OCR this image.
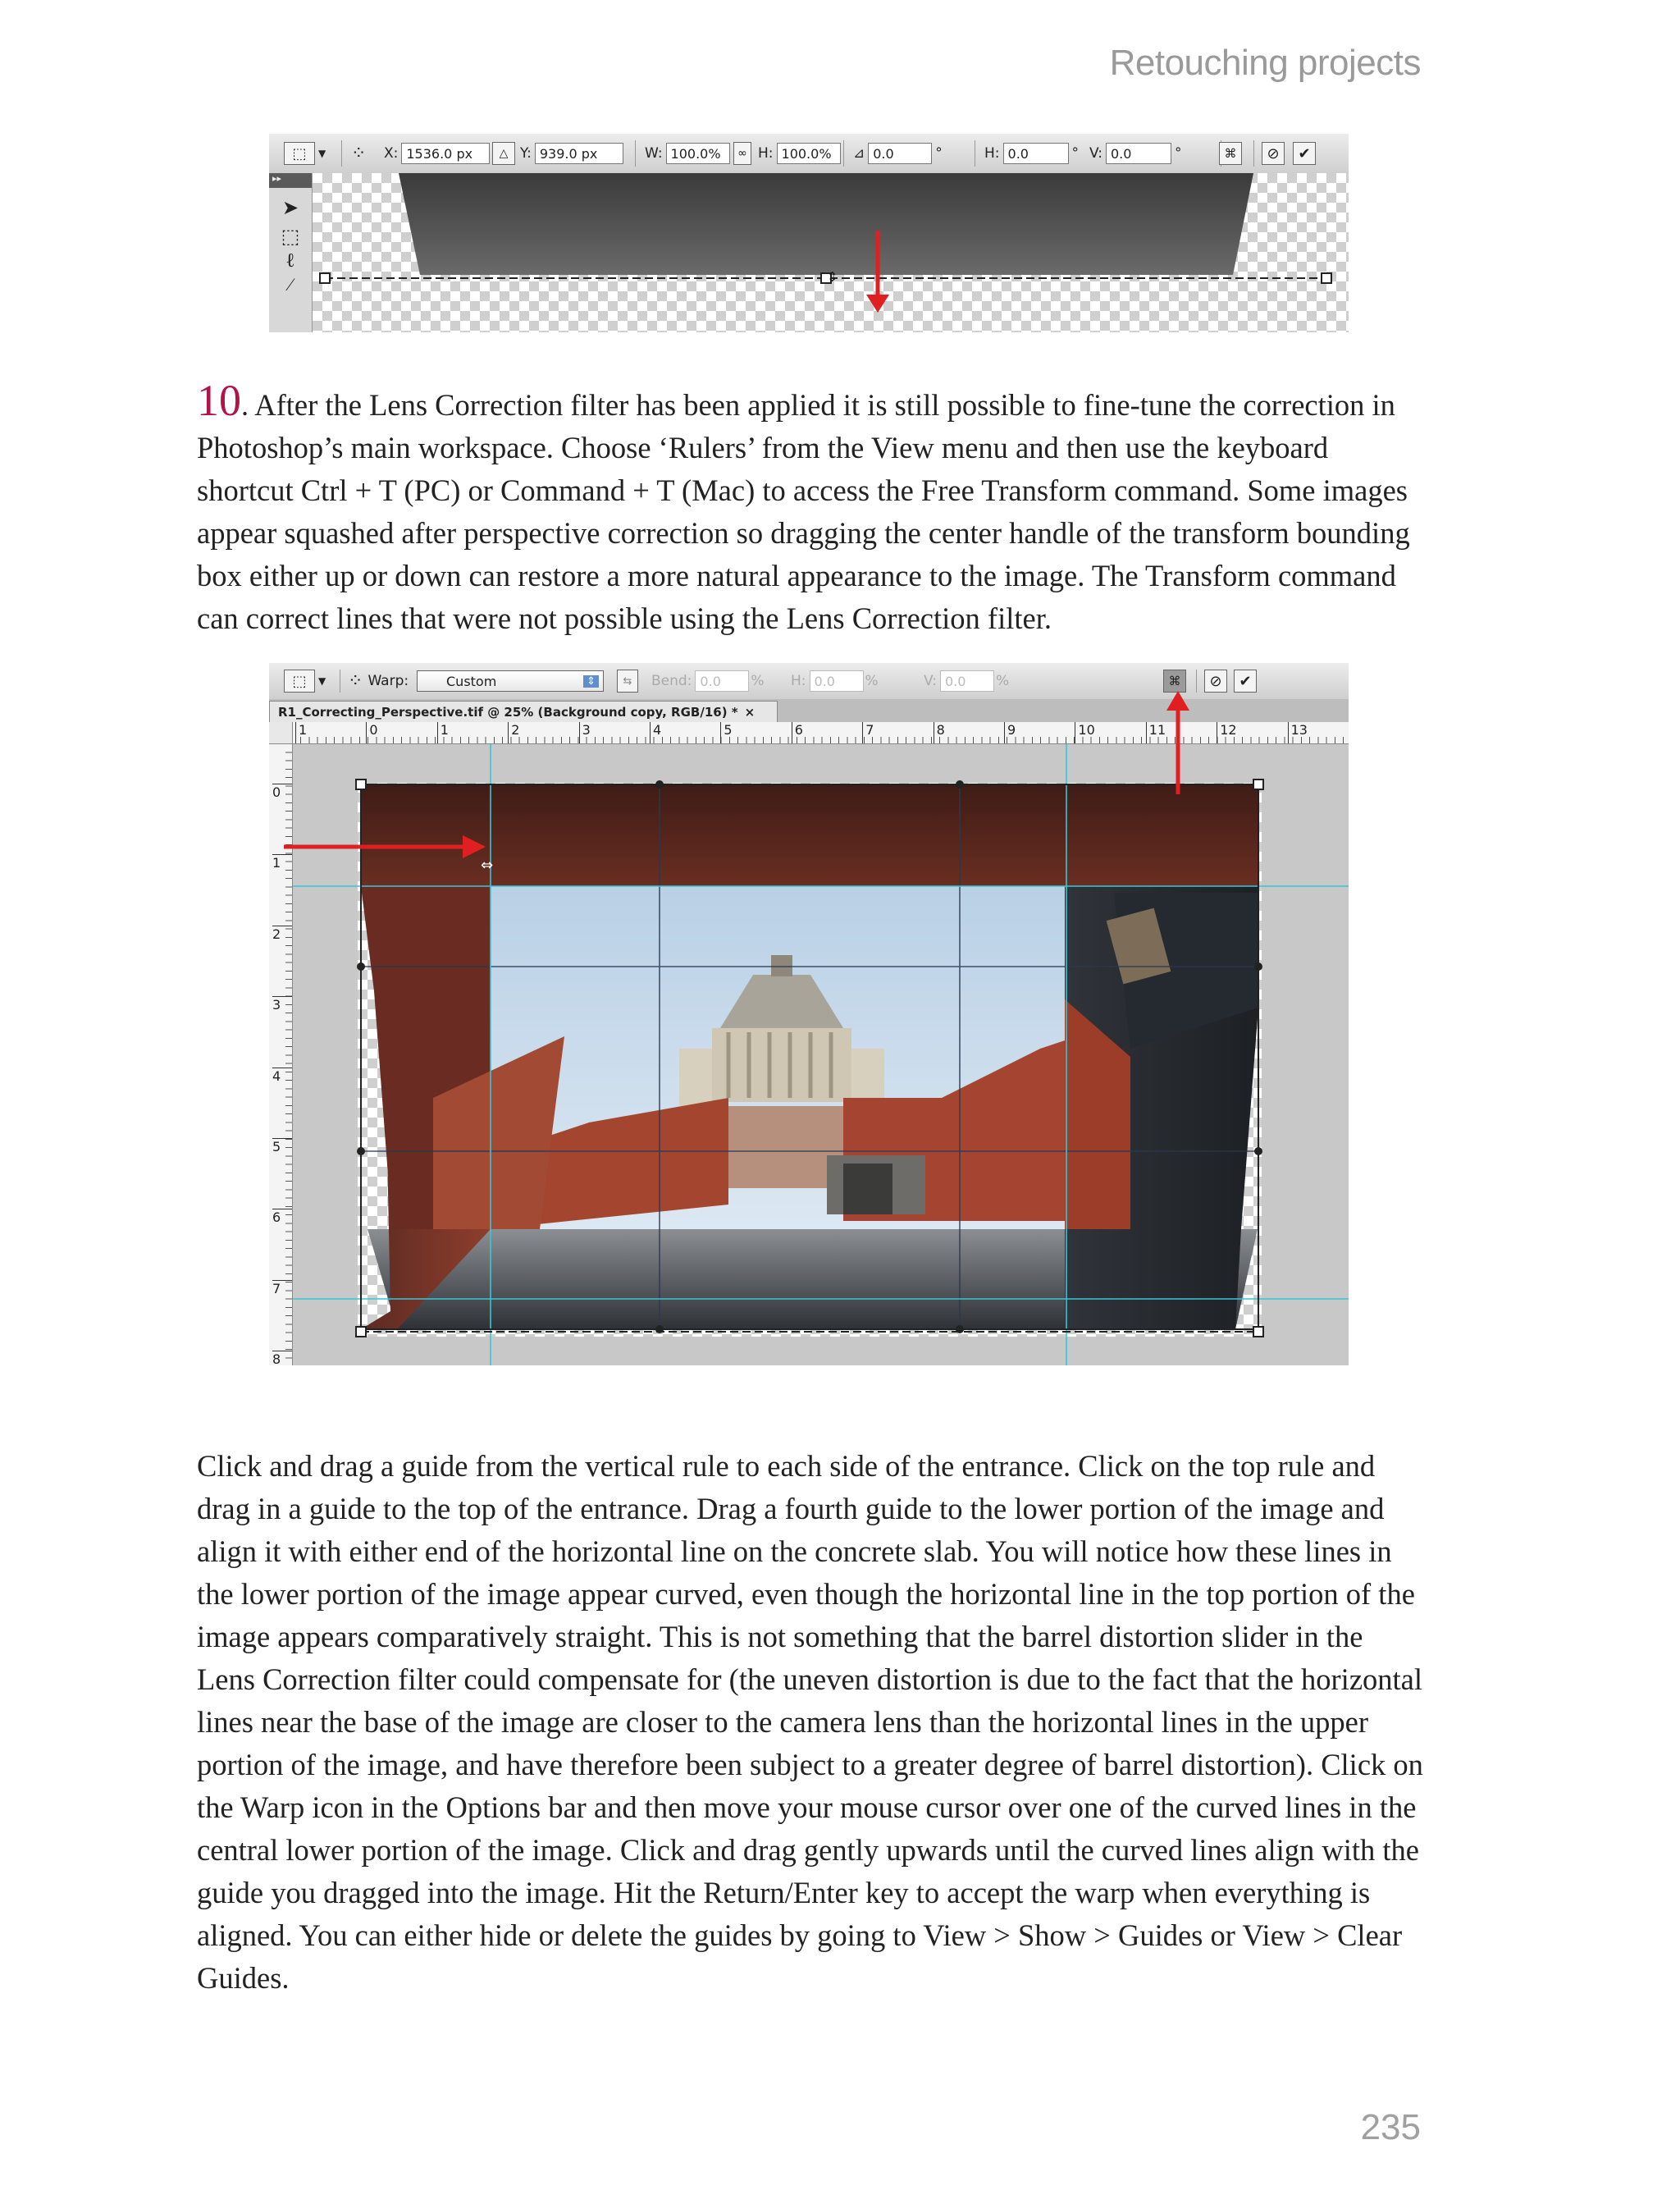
Retouching projects
⬚	▼ ⁘ X: 1536.0 px	△ Y: 939.0 px	W: 100.0%	∞ H: 100.0%	⊿ 0.0	°	H: 0.0	° V: 0.0	°	⌘	⊘ ✔
▸▸
➤
⬚
ℓ
⁄	⇕

10. After the Lens Correction filter has been applied it is still possible to fine-tune the correction in Photoshop’s main workspace. Choose ‘Rulers’ from the View menu and then use the keyboard shortcut Ctrl + T (PC) or Command + T (Mac) to access the Free Transform command. Some images appear squashed after perspective correction so dragging the center handle of the transform bounding box either up or down can restore a more natural appearance to the image. The Transform command can correct lines that were not possible using the Lens Correction filter.

⬚	▼ ⁘ Warp:	Custom	⇕	⇆	Bend: 0.0	% H: 0.0	%	V: 0.0	%	⌘	⊘ ✔
R1_Correcting_Perspective.tif @ 25% (Background copy, RGB/16) * ×
1	0	1	2	3	4	5	6	7	8	9	10	11	12	13
0
1
2
3
4
5
6
7
8
⇔

Click and drag a guide from the vertical rule to each side of the entrance. Click on the top rule and drag in a guide to the top of the entrance. Drag a fourth guide to the lower portion of the image and align it with either end of the horizontal line on the concrete slab. You will notice how these lines in the lower portion of the image appear curved, even though the horizontal line in the top portion of the image appears comparatively straight. This is not something that the barrel distortion slider in the Lens Correction filter could compensate for (the uneven distortion is due to the fact that the horizontal lines near the base of the image are closer to the camera lens than the horizontal lines in the upper portion of the image, and have therefore been subject to a greater degree of barrel distortion). Click on the Warp icon in the Options bar and then move your mouse cursor over one of the curved lines in the central lower portion of the image. Click and drag gently upwards until the curved lines align with the guide you dragged into the image. Hit the Return/Enter key to accept the warp when everything is aligned. You can either hide or delete the guides by going to View > Show > Guides or View > Clear Guides.

235
